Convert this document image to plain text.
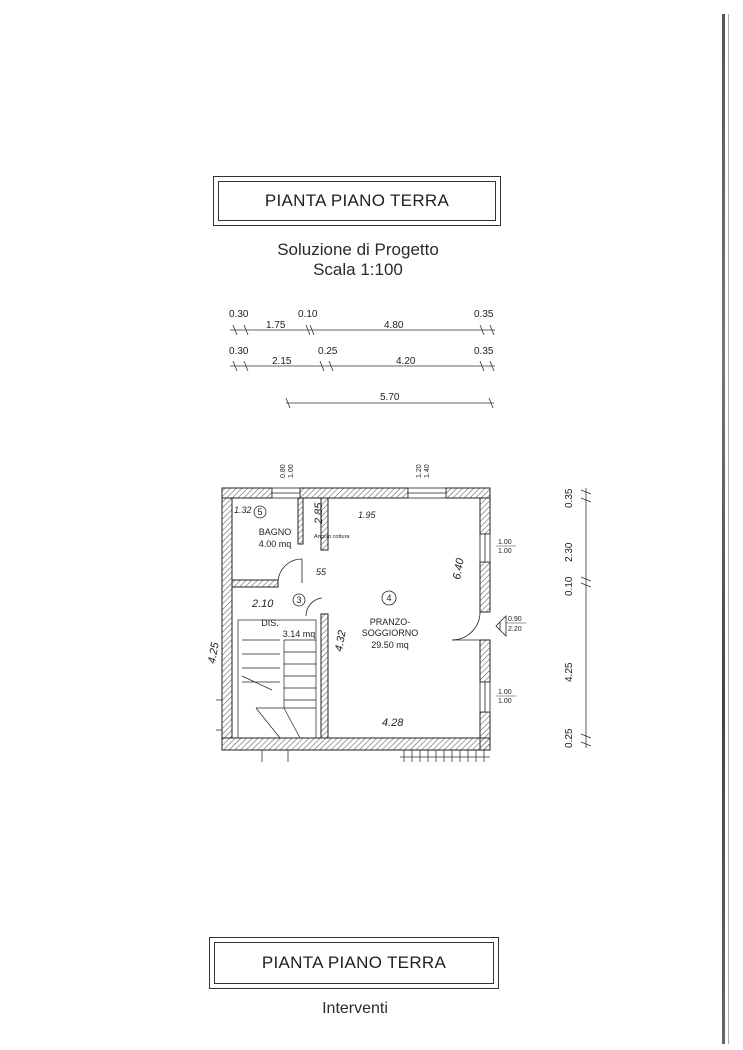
PIANTA PIANO TERRA
Soluzione di Progetto
Scala 1:100
PIANTA PIANO TERRA
Interventi
0.30
1.75
0.10
4.80
0.35
0.30
2.15
0.25
4.20
0.35
5.70
0.35
2.30
0.10
4.25
0.25
0.80 1.00	1.20 1.40
1.00
1.00
0.90
2.20
1.00
1.00
5
3	4
BAGNO
4.00 mq
DIS.
3.14 mq
PRANZO-
SOGGIORNO
29.50 mq
Angolo cottura
2.10
4.28
6.40
4.32
2.85
4.25
1.32	1.95
55
